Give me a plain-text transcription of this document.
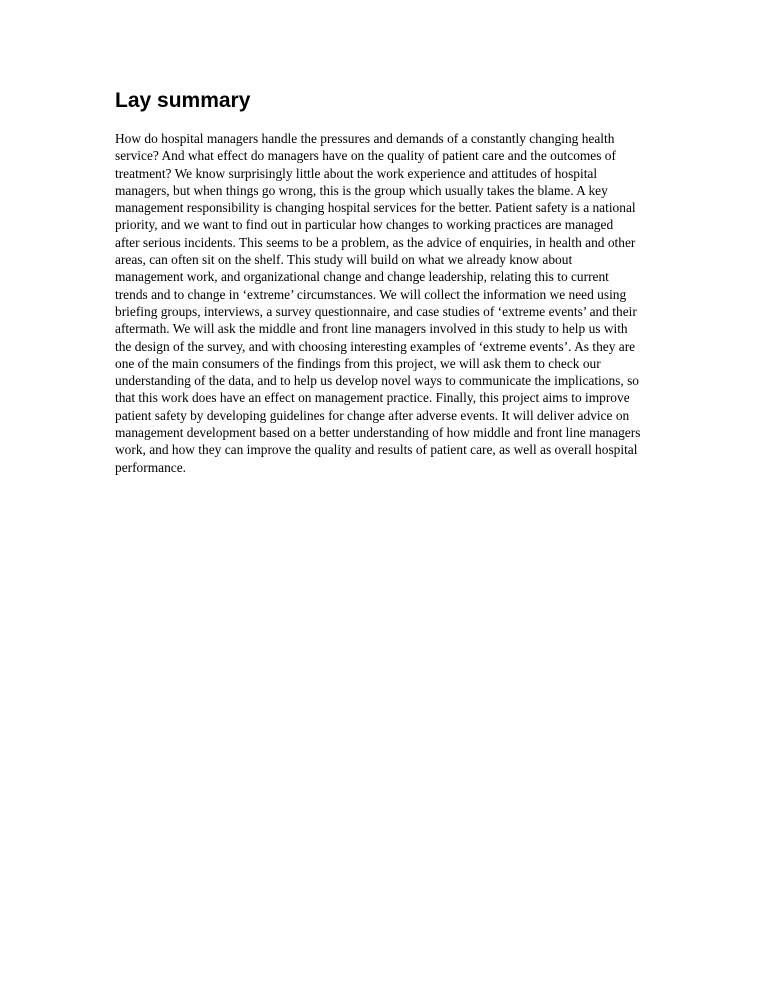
Lay summary

How do hospital managers handle the pressures and demands of a constantly changing health
service? And what effect do managers have on the quality of patient care and the outcomes of
treatment? We know surprisingly little about the work experience and attitudes of hospital
managers, but when things go wrong, this is the group which usually takes the blame. A key
management responsibility is changing hospital services for the better. Patient safety is a national
priority, and we want to find out in particular how changes to working practices are managed
after serious incidents. This seems to be a problem, as the advice of enquiries, in health and other
areas, can often sit on the shelf. This study will build on what we already know about
management work, and organizational change and change leadership, relating this to current
trends and to change in ‘extreme’ circumstances. We will collect the information we need using
briefing groups, interviews, a survey questionnaire, and case studies of ‘extreme events’ and their
aftermath. We will ask the middle and front line managers involved in this study to help us with
the design of the survey, and with choosing interesting examples of ‘extreme events’. As they are
one of the main consumers of the findings from this project, we will ask them to check our
understanding of the data, and to help us develop novel ways to communicate the implications, so
that this work does have an effect on management practice. Finally, this project aims to improve
patient safety by developing guidelines for change after adverse events. It will deliver advice on
management development based on a better understanding of how middle and front line managers
work, and how they can improve the quality and results of patient care, as well as overall hospital
performance.
